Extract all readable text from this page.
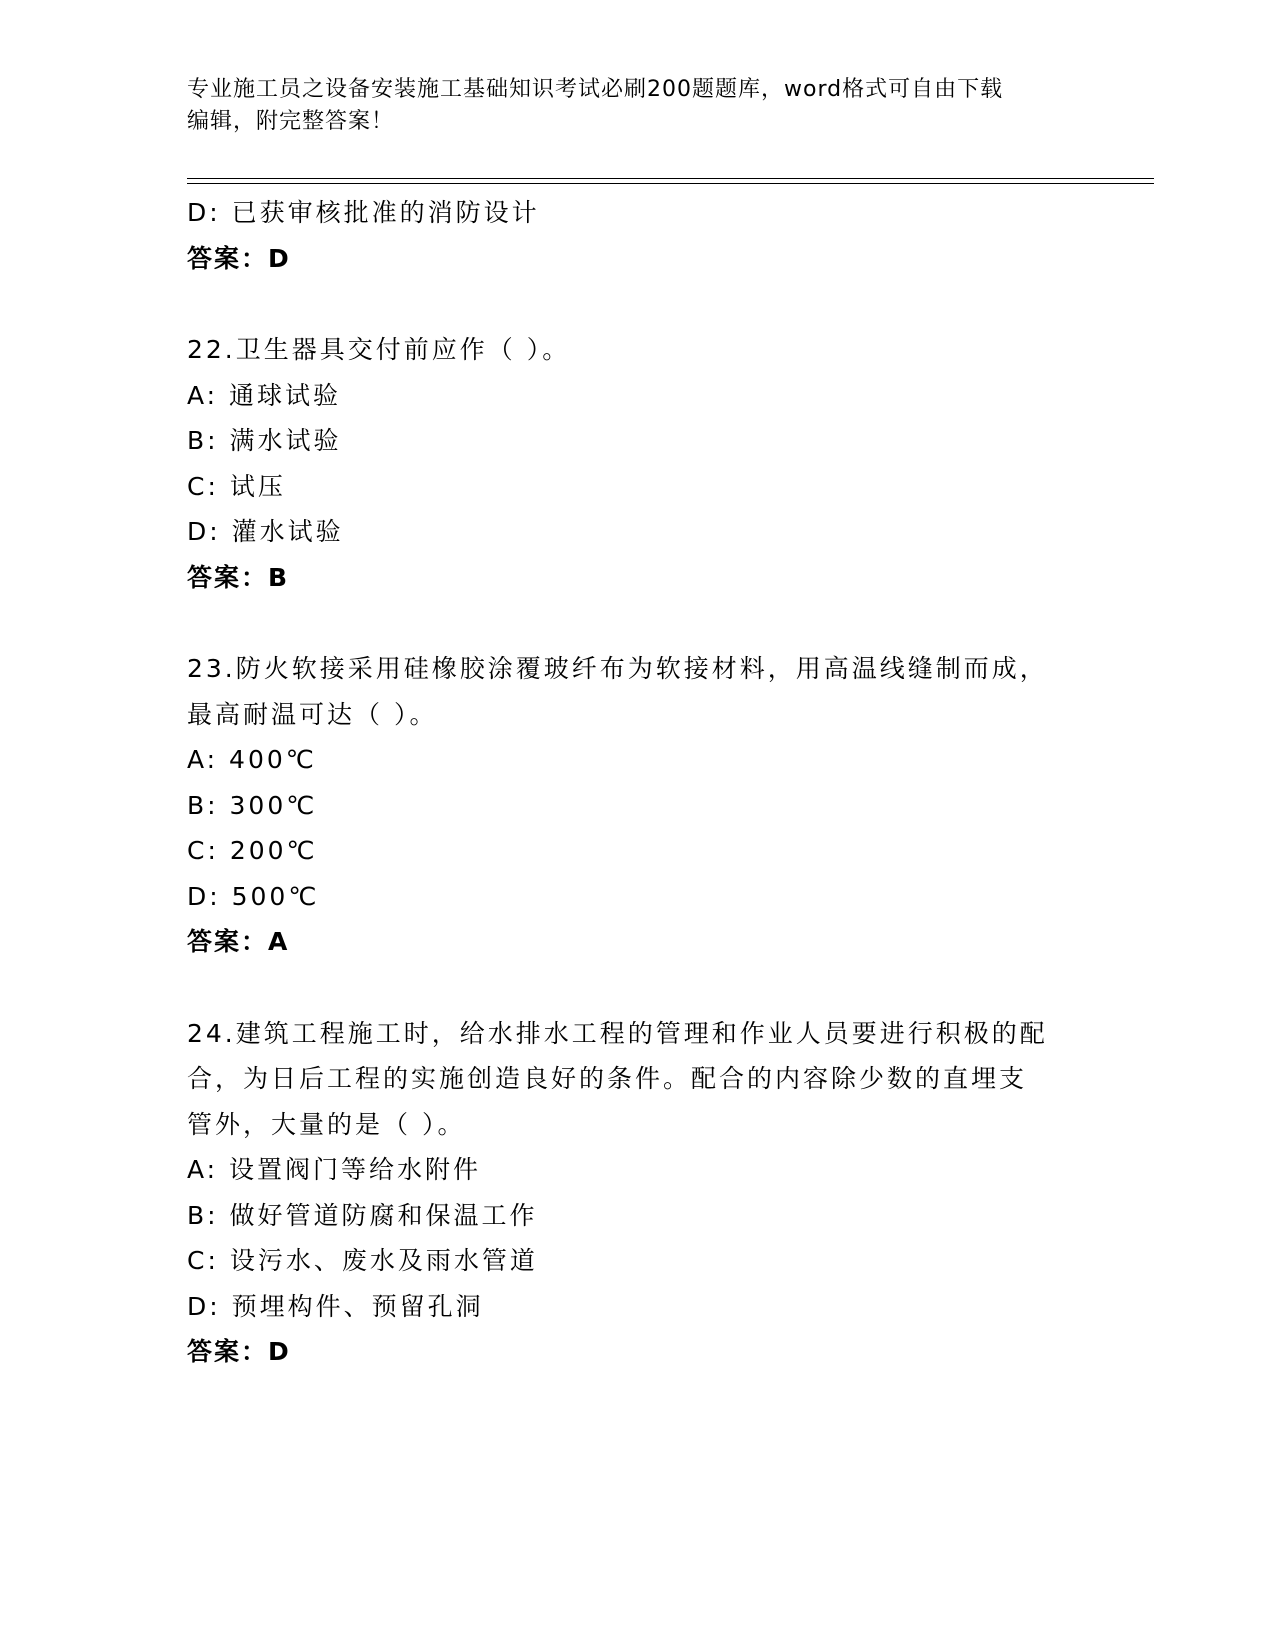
专业施工员之设备安装施工基础知识考试必刷200题题库，word格式可自由下载
编辑，附完整答案！
D: 已获审核批准的消防设计
答案：D
22.卫生器具交付前应作（ ）。
A: 通球试验
B: 满水试验
C: 试压
D: 灌水试验
答案：B
23.防火软接采用硅橡胶涂覆玻纤布为软接材料，用高温线缝制而成，
最高耐温可达（ ）。
A: 400℃
B: 300℃
C: 200℃
D: 500℃
答案：A
24.建筑工程施工时，给水排水工程的管理和作业人员要进行积极的配
合，为日后工程的实施创造良好的条件。配合的内容除少数的直埋支
管外，大量的是（ ）。
A: 设置阀门等给水附件
B: 做好管道防腐和保温工作
C: 设污水、废水及雨水管道
D: 预埋构件、预留孔洞
答案：D
